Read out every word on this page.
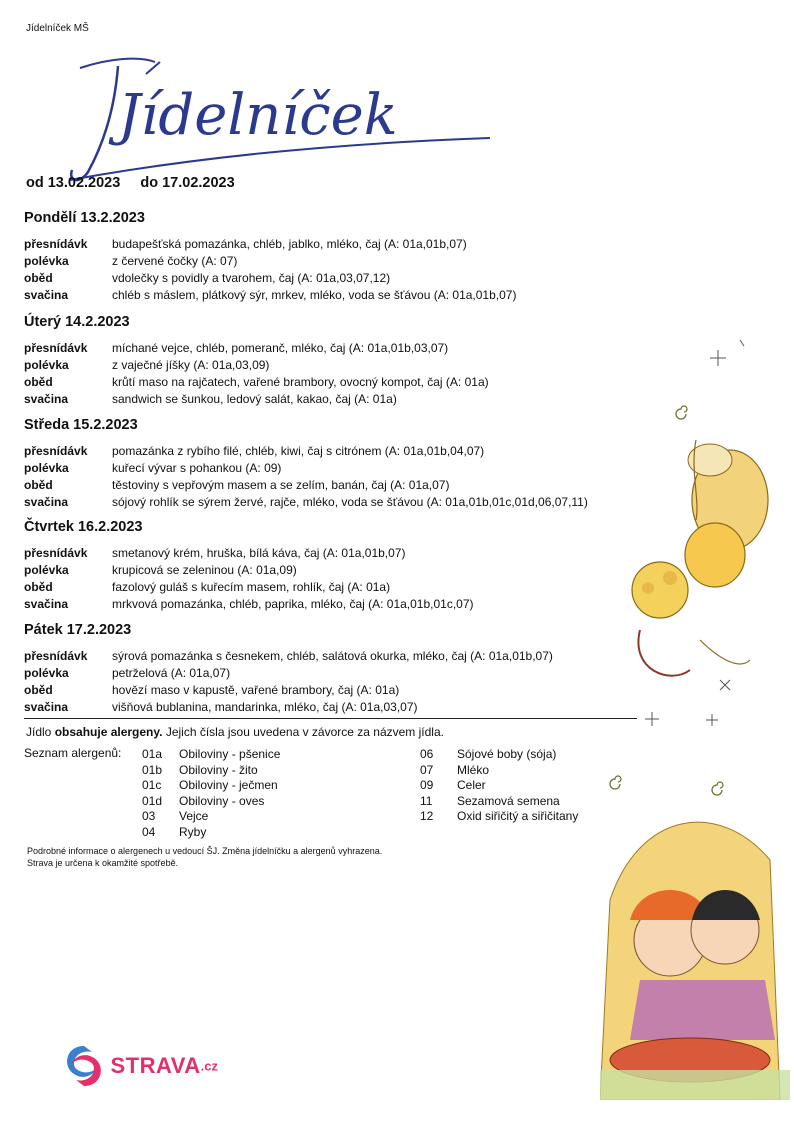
Jídelníček MŠ
Jídelníček
od 13.02.2023 do 17.02.2023
Pondělí 13.2.2023
přesnídávk budapešťská pomazánka, chléb, jablko, mléko, čaj (A: 01a,01b,07)
polévka	z červené čočky (A: 07)
oběd	vdolečky s povidly a tvarohem, čaj (A: 01a,03,07,12)
svačina	chléb s máslem, plátkový sýr, mrkev, mléko, voda se šťávou (A: 01a,01b,07)
Úterý 14.2.2023
přesnídávk míchané vejce, chléb, pomeranč, mléko, čaj (A: 01a,01b,03,07)
polévka	z vaječné jíšky (A: 01a,03,09)
oběd	krůtí maso na rajčatech, vařené brambory, ovocný kompot, čaj (A: 01a)
svačina	sandwich se šunkou, ledový salát, kakao, čaj (A: 01a)
Středa 15.2.2023
přesnídávk pomazánka z rybího filé, chléb, kiwi, čaj s citrónem (A: 01a,01b,04,07)
polévka	kuřecí vývar s pohankou (A: 09)
oběd	těstoviny s vepřovým masem a se zelím, banán, čaj (A: 01a,07)
svačina	sójový rohlík se sýrem žervé, rajče, mléko, voda se šťávou (A: 01a,01b,01c,01d,06,07,11)
Čtvrtek 16.2.2023
přesnídávk smetanový krém, hruška, bílá káva, čaj (A: 01a,01b,07)
polévka	krupicová se zeleninou (A: 01a,09)
oběd	fazolový guláš s kuřecím masem, rohlík, čaj (A: 01a)
svačina	mrkvová pomazánka, chléb, paprika, mléko, čaj (A: 01a,01b,01c,07)
Pátek 17.2.2023
přesnídávk sýrová pomazánka s česnekem, chléb, salátová okurka, mléko, čaj (A: 01a,01b,07)
polévka	petrželová (A: 01a,07)
oběd	hovězí maso v kapustě, vařené brambory, čaj (A: 01a)
svačina	višňová bublanina, mandarinka, mléko, čaj (A: 01a,03,07)
Jídlo obsahuje alergeny. Jejich čísla jsou uvedena v závorce za názvem jídla.
Seznam alergenů: 01a Obiloviny - pšenice
01b Obiloviny - žito
01c Obiloviny - ječmen
01d Obiloviny - oves
03 Vejce
04 Ryby
06 Sójové boby (sója)
07 Mléko
09 Celer
11 Sezamová semena
12 Oxid siřičitý a siřičitany
Podrobné informace o alergenech u vedoucí ŠJ. Změna jídelníčku a alergenů vyhrazena.
Strava je určena k okamžité spotřebě.
STRAVA.cz
